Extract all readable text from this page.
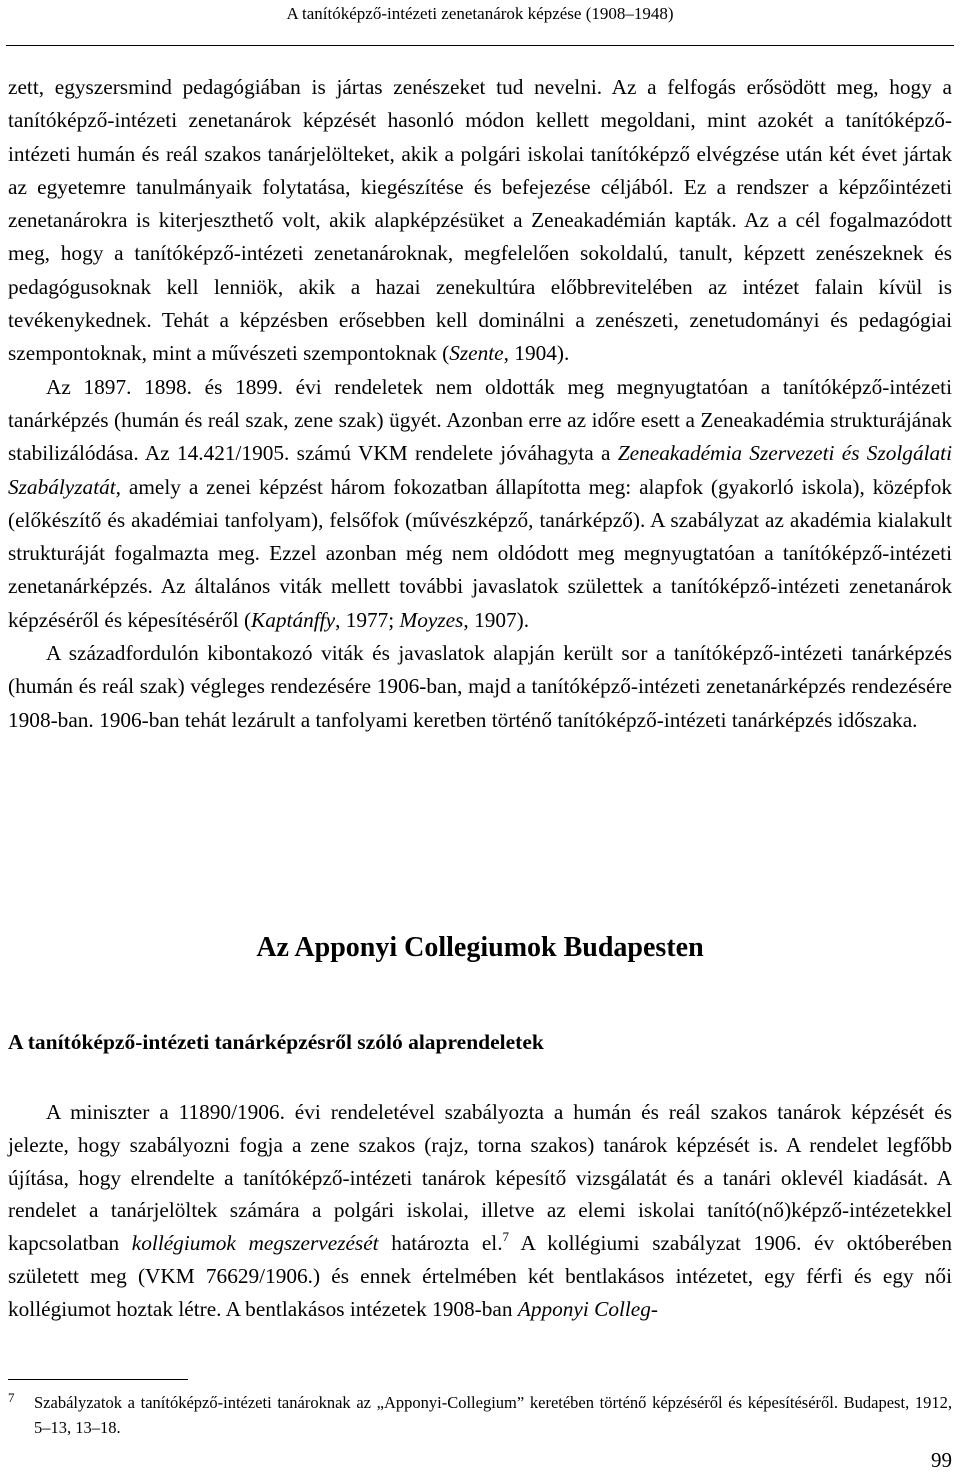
A tanítóképző-intézeti zenetanárok képzése (1908–1948)

zett, egyszersmind pedagógiában is jártas zenészeket tud nevelni. Az a felfogás erősödött meg, hogy a tanítóképző-intézeti zenetanárok képzését hasonló módon kellett megoldani, mint azokét a tanítóképző-intézeti humán és reál szakos tanárjelölteket, akik a polgári iskolai tanítóképző elvégzése után két évet jártak az egyetemre tanulmányaik folytatása, kiegészítése és befejezése céljából. Ez a rendszer a képzőintézeti zenetanárokra is kiterjeszthető volt, akik alapképzésüket a Zeneakadémián kapták. Az a cél fogalmazódott meg, hogy a tanítóképző-intézeti zenetanároknak, megfelelően sokoldalú, tanult, képzett zenészeknek és pedagógusoknak kell lenniök, akik a hazai zenekultúra előbbrevitelében az intézet falain kívül is tevékenykednek. Tehát a képzésben erősebben kell dominálni a zenészeti, zenetudományi és pedagógiai szempontoknak, mint a művészeti szempontoknak (Szente, 1904).

Az 1897. 1898. és 1899. évi rendeletek nem oldották meg megnyugtatóan a tanítóképző-intézeti tanárképzés (humán és reál szak, zene szak) ügyét. Azonban erre az időre esett a Zeneakadémia strukturájának stabilizálódása. Az 14.421/1905. számú VKM rendelete jóváhagyta a Zeneakadémia Szervezeti és Szolgálati Szabályzatát, amely a zenei képzést három fokozatban állapította meg: alapfok (gyakorló iskola), középfok (előkészítő és akadémiai tanfolyam), felsőfok (művészképző, tanárképző). A szabályzat az akadémia kialakult strukturáját fogalmazta meg. Ezzel azonban még nem oldódott meg megnyugtatóan a tanítóképző-intézeti zenetanárképzés. Az általános viták mellett további javaslatok születtek a tanítóképző-intézeti zenetanárok képzéséről és képesítéséről (Kaptánffy, 1977; Moyzes, 1907).

A századfordulón kibontakozó viták és javaslatok alapján került sor a tanítóképző-intézeti tanárképzés (humán és reál szak) végleges rendezésére 1906-ban, majd a tanítóképző-intézeti zenetanárképzés rendezésére 1908-ban. 1906-ban tehát lezárult a tanfolyami keretben történő tanítóképző-intézeti tanárképzés időszaka.

Az Apponyi Collegiumok Budapesten
A tanítóképző-intézeti tanárképzésről szóló alaprendeletek

A miniszter a 11890/1906. évi rendeletével szabályozta a humán és reál szakos tanárok képzését és jelezte, hogy szabályozni fogja a zene szakos (rajz, torna szakos) tanárok képzését is. A rendelet legfőbb újítása, hogy elrendelte a tanítóképző-intézeti tanárok képesítő vizsgálatát és a tanári oklevél kiadását. A rendelet a tanárjelöltek számára a polgári iskolai, illetve az elemi iskolai tanító(nő)képző-intézetekkel kapcsolatban kollégiumok megszervezését határozta el.$^7$ A kollégiumi szabályzat 1906. év októberében született meg (VKM 76629/1906.) és ennek értelmében két bentlakásos intézetet, egy férfi és egy női kollégiumot hoztak létre. A bentlakásos intézetek 1908-ban Apponyi Colleg-

7 Szabályzatok a tanítóképző-intézeti tanároknak az „Apponyi-Collegium” keretében történő képzéséről és képesítéséről. Budapest, 1912, 5–13, 13–18.
99
